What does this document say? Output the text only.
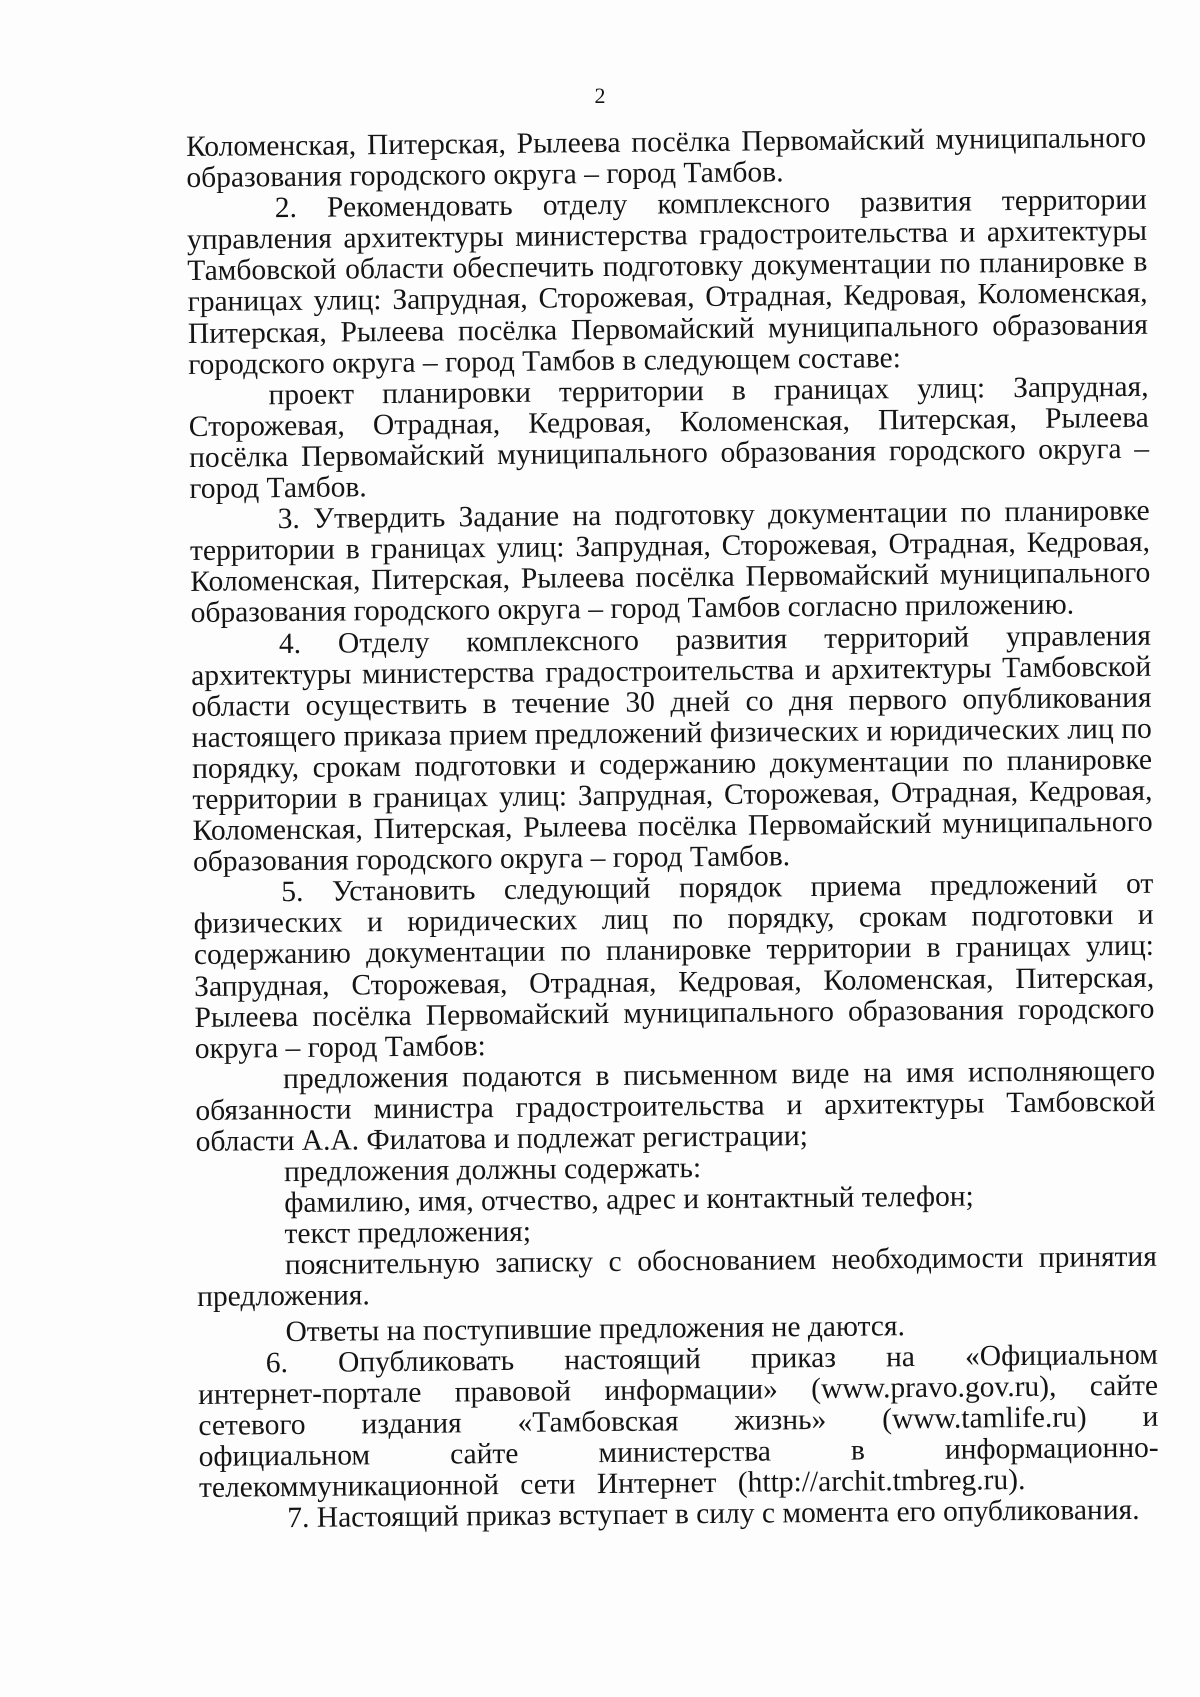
2

Коломенская, Питерская, Рылеева посёлка Первомайский муниципального образования городского округа – город Тамбов.

2. Рекомендовать отделу комплексного развития территории управления архитектуры министерства градостроительства и архитектуры Тамбовской области обеспечить подготовку документации по планировке в границах улиц: Запрудная, Сторожевая, Отрадная, Кедровая, Коломенская, Питерская, Рылеева посёлка Первомайский муниципального образования городского округа – город Тамбов в следующем составе:

проект планировки территории в границах улиц: Запрудная, Сторожевая, Отрадная, Кедровая, Коломенская, Питерская, Рылеева посёлка Первомайский муниципального образования городского округа – город Тамбов.

3. Утвердить Задание на подготовку документации по планировке территории в границах улиц: Запрудная, Сторожевая, Отрадная, Кедровая, Коломенская, Питерская, Рылеева посёлка Первомайский муниципального образования городского округа – город Тамбов согласно приложению.

4. Отделу комплексного развития территорий управления архитектуры министерства градостроительства и архитектуры Тамбовской области осуществить в течение 30 дней со дня первого опубликования настоящего приказа прием предложений физических и юридических лиц по порядку, срокам подготовки и содержанию документации по планировке территории в границах улиц: Запрудная, Сторожевая, Отрадная, Кедровая, Коломенская, Питерская, Рылеева посёлка Первомайский муниципального образования городского округа – город Тамбов.

5. Установить следующий порядок приема предложений от физических и юридических лиц по порядку, срокам подготовки и содержанию документации по планировке территории в границах улиц: Запрудная, Сторожевая, Отрадная, Кедровая, Коломенская, Питерская, Рылеева посёлка Первомайский муниципального образования городского округа – город Тамбов:

предложения подаются в письменном виде на имя исполняющего обязанности министра градостроительства и архитектуры Тамбовской области А.А. Филатова и подлежат регистрации;

предложения должны содержать:

фамилию, имя, отчество, адрес и контактный телефон;

текст предложения;

пояснительную записку с обоснованием необходимости принятия предложения.

Ответы на поступившие предложения не даются.

6. Опубликовать настоящий приказ на «Официальном интернет-портале правовой информации» (www.pravo.gov.ru), сайте сетевого издания «Тамбовская жизнь» (www.tamlife.ru) и официальном сайте министерства в информационно-телекоммуникационной сети Интернет (http://archit.tmbreg.ru).

7. Настоящий приказ вступает в силу с момента его опубликования.
